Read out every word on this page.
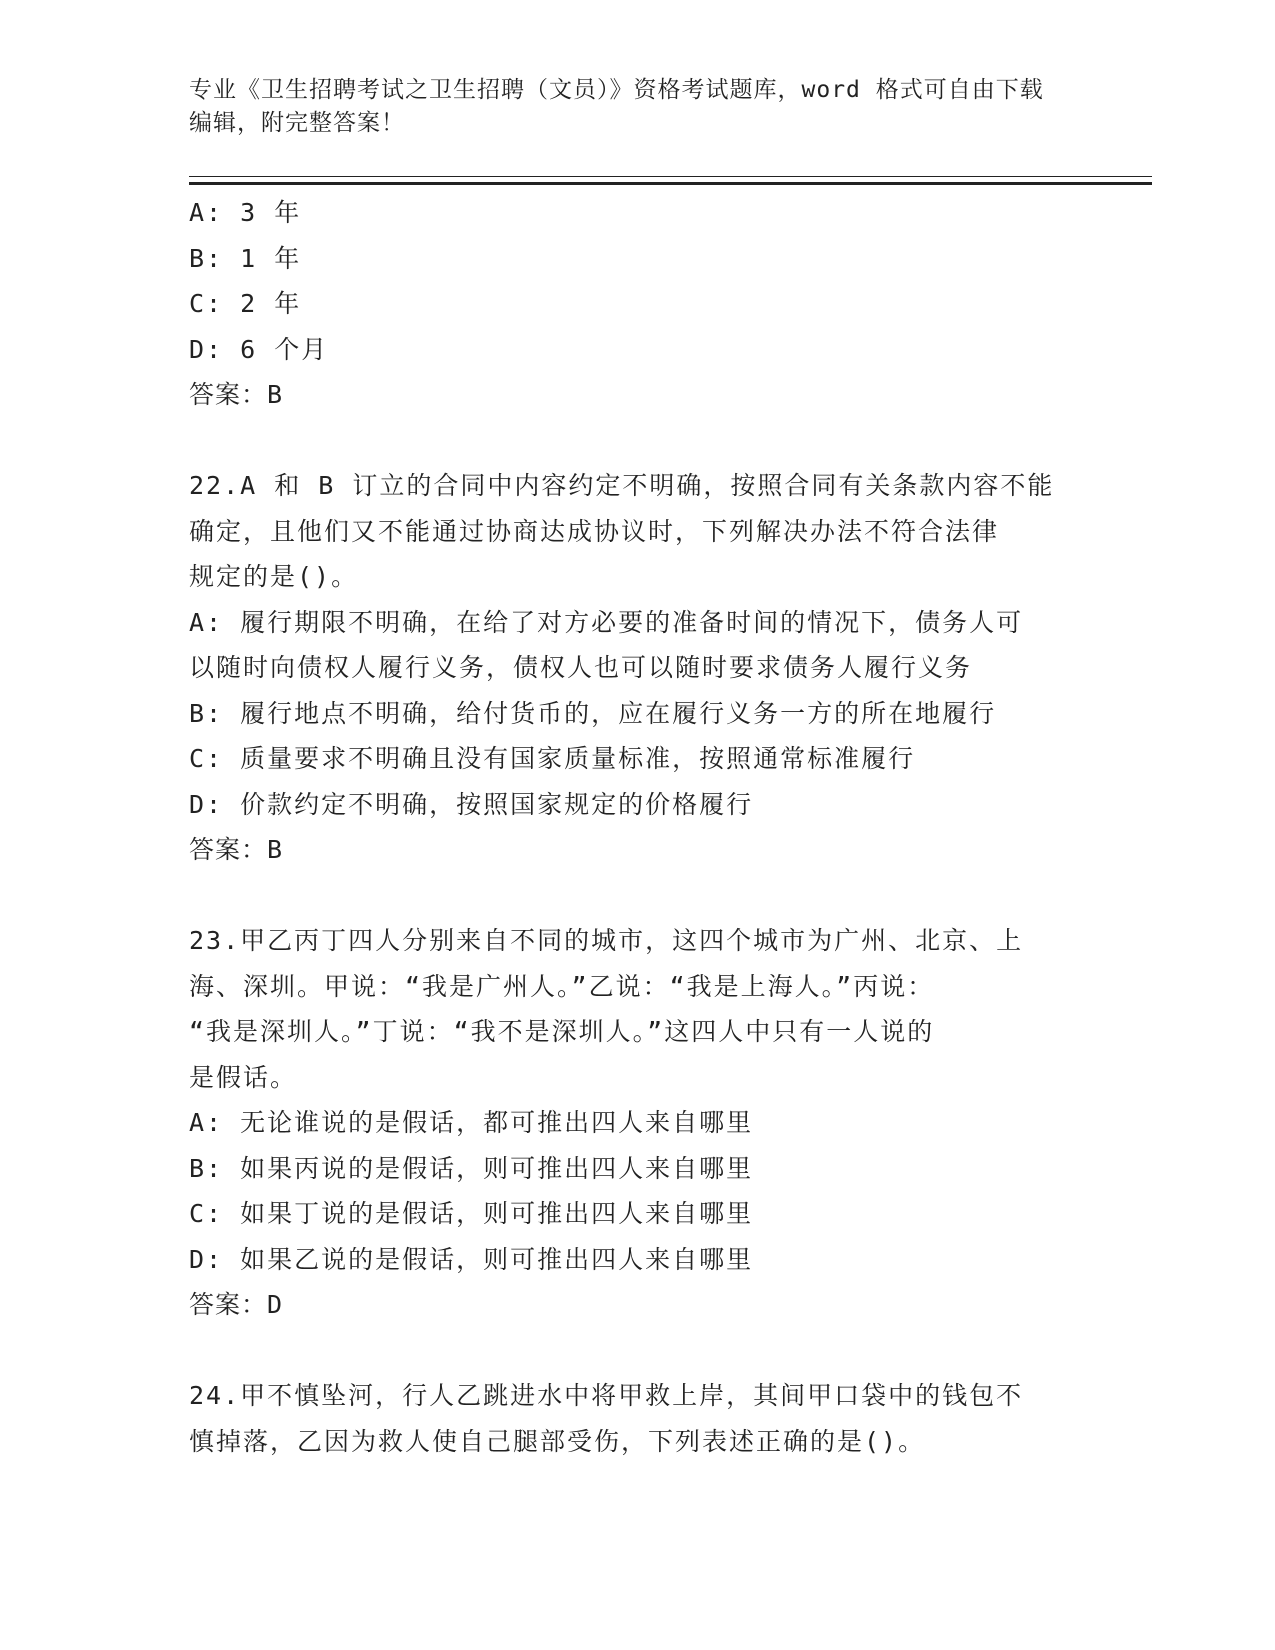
专业《卫生招聘考试之卫生招聘（文员）》资格考试题库，word 格式可自由下载
编辑，附完整答案！
A: 3 年
B: 1 年
C: 2 年
D: 6 个月
答案：B
22.A 和 B 订立的合同中内容约定不明确，按照合同有关条款内容不能
确定，且他们又不能通过协商达成协议时，下列解决办法不符合法律
规定的是()。
A: 履行期限不明确，在给了对方必要的准备时间的情况下，债务人可
以随时向债权人履行义务，债权人也可以随时要求债务人履行义务
B: 履行地点不明确，给付货币的，应在履行义务一方的所在地履行
C: 质量要求不明确且没有国家质量标准，按照通常标准履行
D: 价款约定不明确，按照国家规定的价格履行
答案：B
23.甲乙丙丁四人分别来自不同的城市，这四个城市为广州、北京、上
海、深圳。甲说：“我是广州人。”乙说：“我是上海人。”丙说：
“我是深圳人。”丁说：“我不是深圳人。”这四人中只有一人说的
是假话。
A: 无论谁说的是假话，都可推出四人来自哪里
B: 如果丙说的是假话，则可推出四人来自哪里
C: 如果丁说的是假话，则可推出四人来自哪里
D: 如果乙说的是假话，则可推出四人来自哪里
答案：D
24.甲不慎坠河，行人乙跳进水中将甲救上岸，其间甲口袋中的钱包不
慎掉落，乙因为救人使自己腿部受伤，下列表述正确的是()。
